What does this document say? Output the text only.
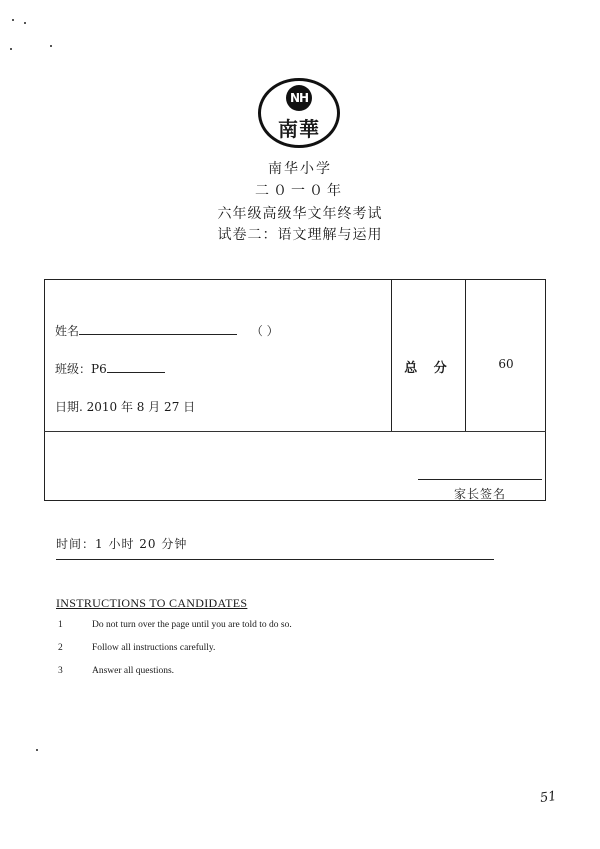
NH
南華
南华小学
二０一０年
六年级高级华文年终考试
试卷二：语文理解与运用
姓名	（ ）
班级：P6
日期. 2010 年 8 月 27 日
总 分	60
家长签名
时间：1 小时 20 分钟
INSTRUCTIONS TO CANDIDATES
1	Do not turn over the page until you are told to do so.
2	Follow all instructions carefully.
3	Answer all questions.
51
